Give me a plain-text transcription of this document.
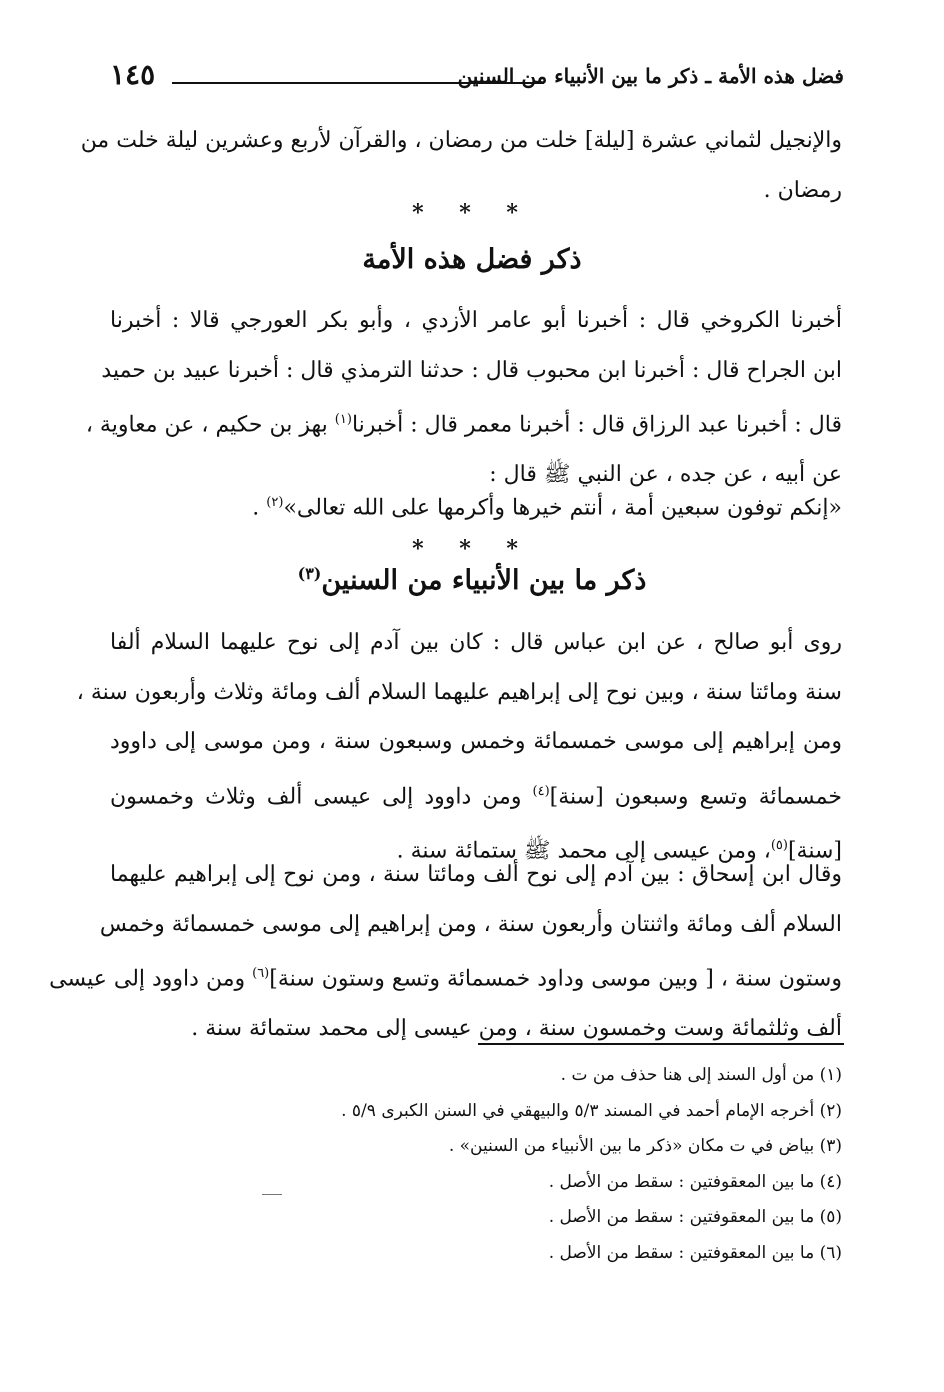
فضل هذه الأمة ـ ذكر ما بين الأنبياء من السنين
١٤٥
والإنجيل لثماني عشرة [ليلة] خلت من رمضان ، والقرآن لأربع وعشرين ليلة خلت من
رمضان .
* * *
ذكر فضل هذه الأمة
أخبرنا الكروخي قال : أخبرنا أبو عامر الأزدي ، وأبو بكر العورجي قالا : أخبرنا
ابن الجراح قال : أخبرنا ابن محبوب قال : حدثنا الترمذي قال : أخبرنا عبيد بن حميد
قال : أخبرنا عبد الرزاق قال : أخبرنا معمر قال : أخبرنا$^{(١)}$ بهز بن حكيم ، عن معاوية ،
عن أبيه ، عن جده ، عن النبي ﷺ قال :
«إنكم توفون سبعين أمة ، أنتم خيرها وأكرمها على الله تعالى»$^{(٢)}$ .
* * *
ذكر ما بين الأنبياء من السنين$^{(٣)}$
روى أبو صالح ، عن ابن عباس قال : كان بين آدم إلى نوح عليهما السلام ألفا
سنة ومائتا سنة ، وبين نوح إلى إبراهيم عليهما السلام ألف ومائة وثلاث وأربعون سنة ،
ومن إبراهيم إلى موسى خمسمائة وخمس وسبعون سنة ، ومن موسى إلى داوود
خمسمائة وتسع وسبعون [سنة]$^{(٤)}$ ومن داوود إلى عيسى ألف وثلاث وخمسون
[سنة]$^{(٥)}$، ومن عيسى إلى محمد ﷺ ستمائة سنة .
وقال ابن إسحاق : بين آدم إلى نوح ألف ومائتا سنة ، ومن نوح إلى إبراهيم عليهما
السلام ألف ومائة واثنتان وأربعون سنة ، ومن إبراهيم إلى موسى خمسمائة وخمس
وستون سنة ، [ وبين موسى وداود خمسمائة وتسع وستون سنة]$^{(٦)}$ ومن داوود إلى عيسى
ألف وثلثمائة وست وخمسون سنة ، ومن عيسى إلى محمد ستمائة سنة .
(١) من أول السند إلى هنا حذف من ت .
(٢) أخرجه الإمام أحمد في المسند ٥/٣ والبيهقي في السنن الكبرى ٥/٩ .
(٣) بياض في ت مكان «ذكر ما بين الأنبياء من السنين» .
(٤) ما بين المعقوفتين : سقط من الأصل .
(٥) ما بين المعقوفتين : سقط من الأصل .
(٦) ما بين المعقوفتين : سقط من الأصل .
